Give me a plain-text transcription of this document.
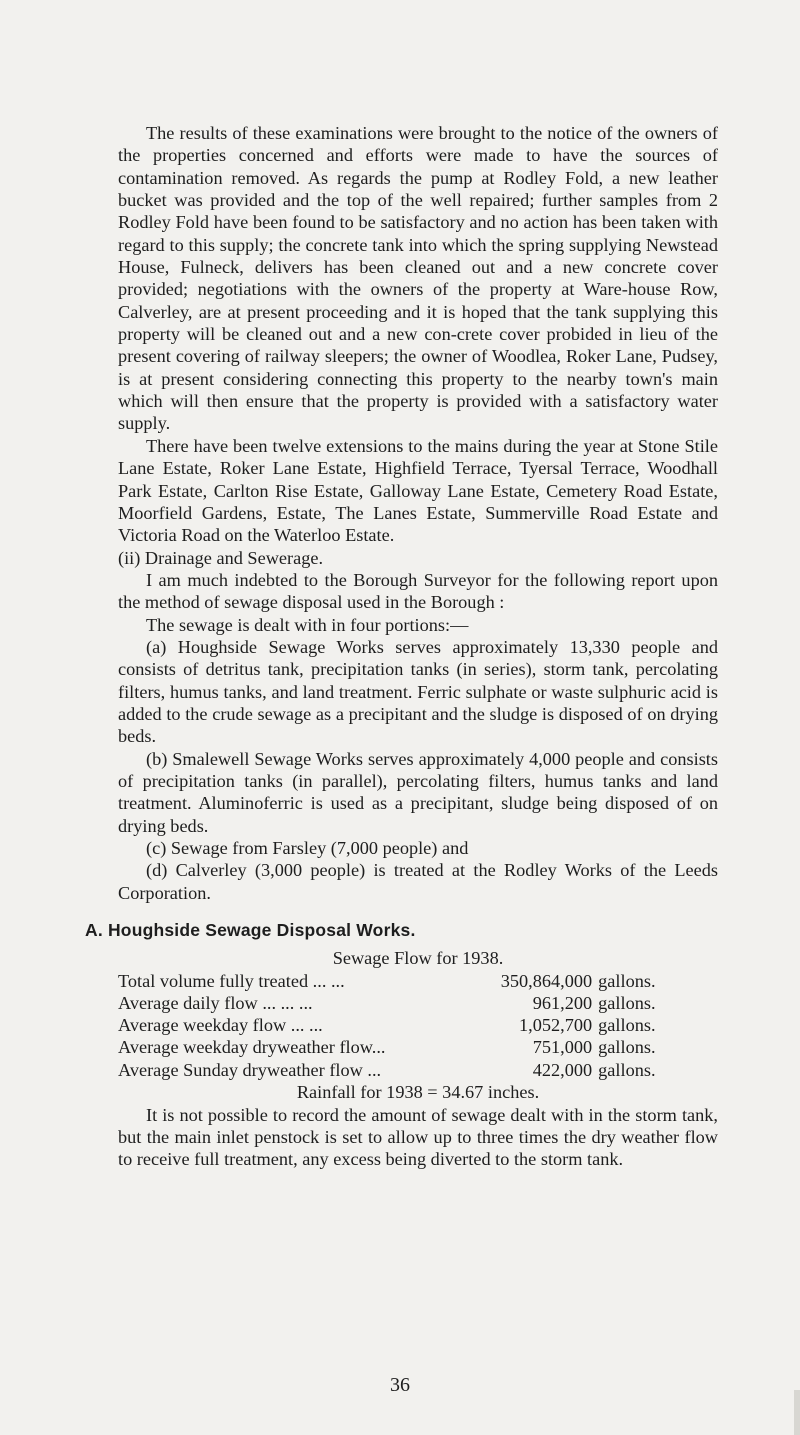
The results of these examinations were brought to the notice of the owners of the properties concerned and efforts were made to have the sources of contamination removed. As regards the pump at Rodley Fold, a new leather bucket was provided and the top of the well repaired; further samples from 2 Rodley Fold have been found to be satisfactory and no action has been taken with regard to this supply; the concrete tank into which the spring supplying Newstead House, Fulneck, delivers has been cleaned out and a new concrete cover provided; negotiations with the owners of the property at Ware-house Row, Calverley, are at present proceeding and it is hoped that the tank supplying this property will be cleaned out and a new con-crete cover probided in lieu of the present covering of railway sleepers; the owner of Woodlea, Roker Lane, Pudsey, is at present considering connecting this property to the nearby town's main which will then ensure that the property is provided with a satisfactory water supply.

There have been twelve extensions to the mains during the year at Stone Stile Lane Estate, Roker Lane Estate, Highfield Terrace, Tyersal Terrace, Woodhall Park Estate, Carlton Rise Estate, Galloway Lane Estate, Cemetery Road Estate, Moorfield Gardens, Estate, The Lanes Estate, Summerville Road Estate and Victoria Road on the Waterloo Estate.

(ii) Drainage and Sewerage.

I am much indebted to the Borough Surveyor for the following report upon the method of sewage disposal used in the Borough :

The sewage is dealt with in four portions:—

(a) Houghside Sewage Works serves approximately 13,330 people and consists of detritus tank, precipitation tanks (in series), storm tank, percolating filters, humus tanks, and land treatment. Ferric sulphate or waste sulphuric acid is added to the crude sewage as a precipitant and the sludge is disposed of on drying beds.

(b) Smalewell Sewage Works serves approximately 4,000 people and consists of precipitation tanks (in parallel), percolating filters, humus tanks and land treatment. Aluminoferric is used as a precipitant, sludge being disposed of on drying beds.

(c) Sewage from Farsley (7,000 people) and

(d) Calverley (3,000 people) is treated at the Rodley Works of the Leeds Corporation.

A. Houghside Sewage Disposal Works.

Sewage Flow for 1938.

Total volume fully treated ... ...	350,864,000	gallons.
Average daily flow ... ... ...	961,200	gallons.
Average weekday flow ... ...	1,052,700	gallons.
Average weekday dryweather flow...	751,000	gallons.
Average Sunday dryweather flow ...	422,000	gallons.

Rainfall for 1938 = 34.67 inches.

It is not possible to record the amount of sewage dealt with in the storm tank, but the main inlet penstock is set to allow up to three times the dry weather flow to receive full treatment, any excess being diverted to the storm tank.

36
